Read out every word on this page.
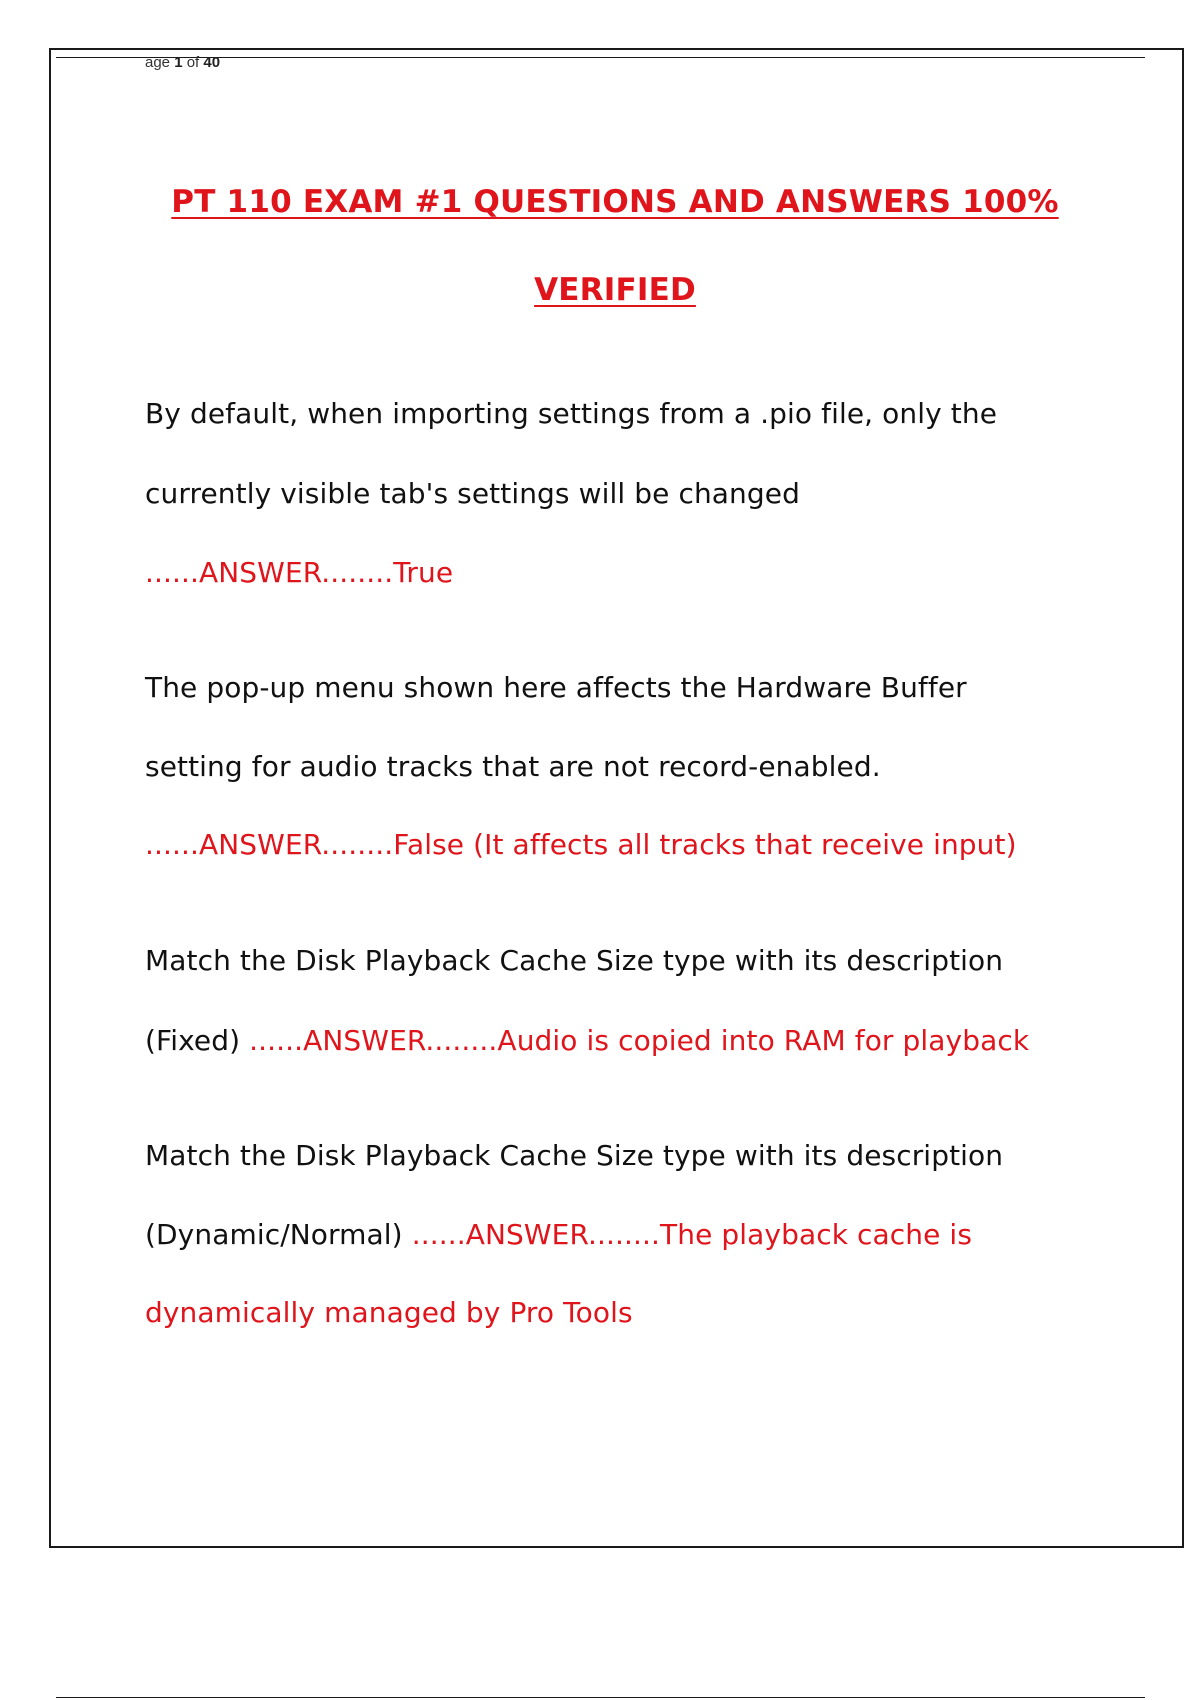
age 1 of 40
PT 110 EXAM #1 QUESTIONS AND ANSWERS 100%
VERIFIED

By default, when importing settings from a .pio file, only the

currently visible tab's settings will be changed

......ANSWER........True

The pop-up menu shown here affects the Hardware Buffer

setting for audio tracks that are not record-enabled.

......ANSWER........False (It affects all tracks that receive input)

Match the Disk Playback Cache Size type with its description

(Fixed) ......ANSWER........Audio is copied into RAM for playback

Match the Disk Playback Cache Size type with its description

(Dynamic/Normal) ......ANSWER........The playback cache is

dynamically managed by Pro Tools
